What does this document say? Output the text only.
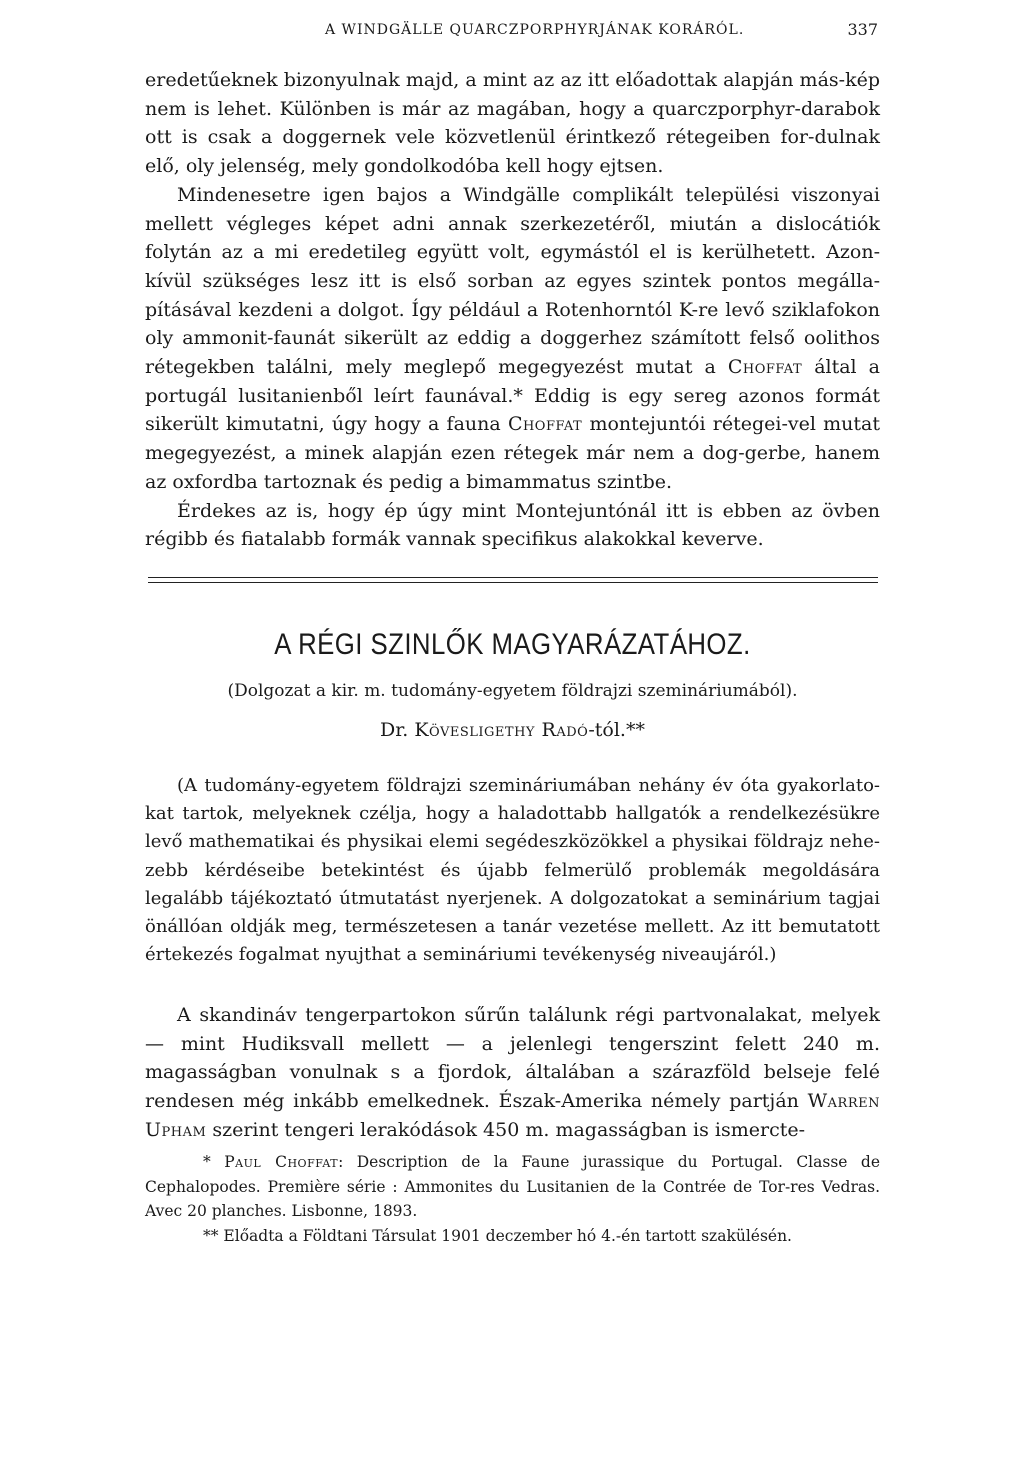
A WINDGÄLLE QUARCZPORPHYRJÁNAK KORÁRÓL.	337

eredetűeknek bizonyulnak majd, a mint az az itt előadottak alapján más-kép nem is lehet. Különben is már az magában, hogy a quarczporphyr-darabok ott is csak a doggernek vele közvetlenül érintkező rétegeiben for-dulnak elő, oly jelenség, mely gondolkodóba kell hogy ejtsen.

Mindenesetre igen bajos a Windgälle complikált települési viszonyai mellett végleges képet adni annak szerkezetéről, miután a dislocátiók folytán az a mi eredetileg együtt volt, egymástól el is kerülhetett. Azon-kívül szükséges lesz itt is első sorban az egyes szintek pontos megálla-pításával kezdeni a dolgot. Így például a Rotenhorntól K-re levő sziklafokon oly ammonit-faunát sikerült az eddig a doggerhez számított felső oolithos rétegekben találni, mely meglepő megegyezést mutat a Choffat által a portugál lusitanienből leírt faunával.* Eddig is egy sereg azonos formát sikerült kimutatni, úgy hogy a fauna Choffat montejuntói rétegei-vel mutat megegyezést, a minek alapján ezen rétegek már nem a dog-gerbe, hanem az oxfordba tartoznak és pedig a bimammatus szintbe.

Érdekes az is, hogy ép úgy mint Montejuntónál itt is ebben az övben régibb és fiatalabb formák vannak specifikus alakokkal keverve.

A RÉGI SZINLŐK MAGYARÁZATÁHOZ.
(Dolgozat a kir. m. tudomány-egyetem földrajzi szemináriumából).
Dr. Kövesligethy Radó-tól.**

(A tudomány-egyetem földrajzi szemináriumában nehány év óta gyakorlato-kat tartok, melyeknek czélja, hogy a haladottabb hallgatók a rendelkezésükre levő mathematikai és physikai elemi segédeszközökkel a physikai földrajz nehe-zebb kérdéseibe betekintést és újabb felmerülő problemák megoldására legalább tájékoztató útmutatást nyerjenek. A dolgozatokat a seminárium tagjai önállóan oldják meg, természetesen a tanár vezetése mellett. Az itt bemutatott értekezés fogalmat nyujthat a semináriumi tevékenység niveaujáról.)

A skandináv tengerpartokon sűrűn találunk régi partvonalakat, melyek — mint Hudiksvall mellett — a jelenlegi tengerszint felett 240 m. magasságban vonulnak s a fjordok, általában a szárazföld belseje felé rendesen még inkább emelkednek. Észak-Amerika némely partján Warren Upham szerint tengeri lerakódások 450 m. magasságban is ismercte-

* Paul Choffat: Description de la Faune jurassique du Portugal. Classe de Cephalopodes. Première série : Ammonites du Lusitanien de la Contrée de Tor-res Vedras. Avec 20 planches. Lisbonne, 1893.

** Előadta a Földtani Társulat 1901 deczember hó 4.-én tartott szakülésén.
